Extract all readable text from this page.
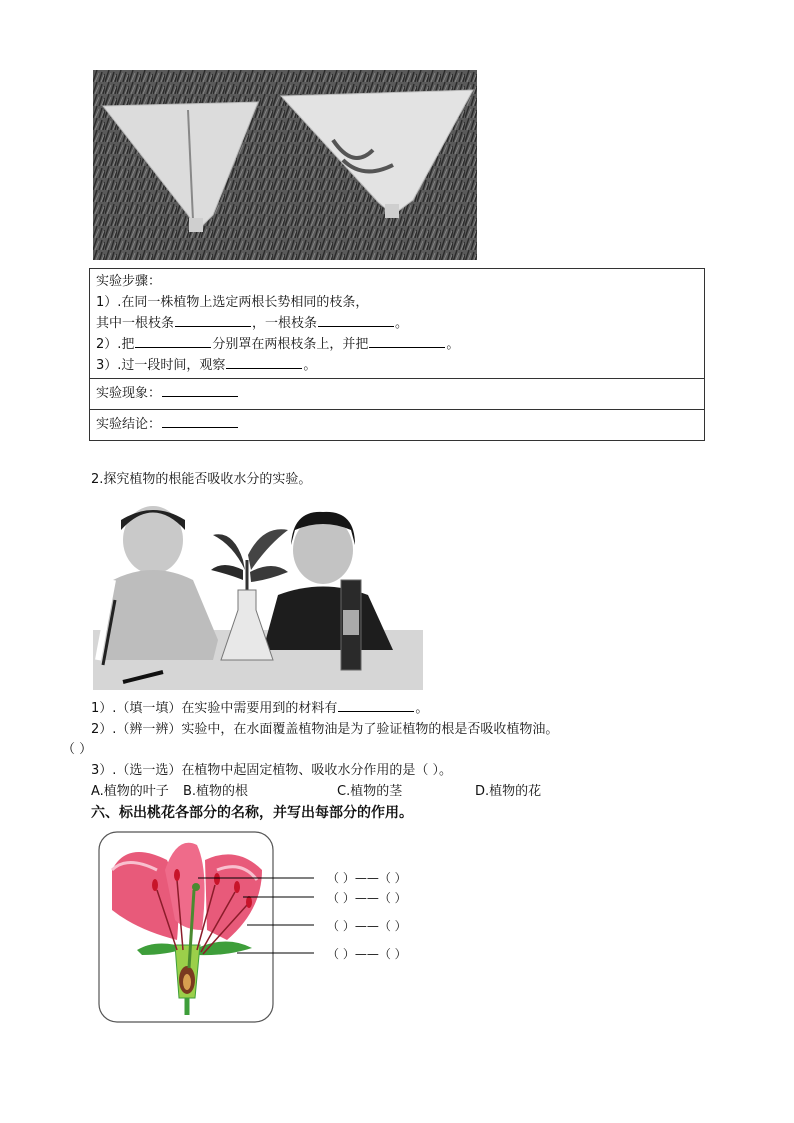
实验步骤：
1）.在同一株植物上选定两根长势相同的枝条，
其中一根枝条	，一根枝条	。
2）.把	分别罩在两根枝条上，并把	。
3）.过一段时间，观察	。

实验现象：
实验结论：
2.探究植物的根能否吸收水分的实验。
1）.（填一填）在实验中需要用到的材料有	。
2）.（辨一辨）实验中，在水面覆盖植物油是为了验证植物的根是否吸收植物油。
（ ）
3）.（选一选）在植物中起固定植物、吸收水分作用的是（ ）。
A.植物的叶子 B.植物的根	C.植物的茎	D.植物的花
六、标出桃花各部分的名称，并写出每部分的作用。
（ ）——（ ）
（ ）——（ ）
（ ）——（ ）
（ ）——（ ）
